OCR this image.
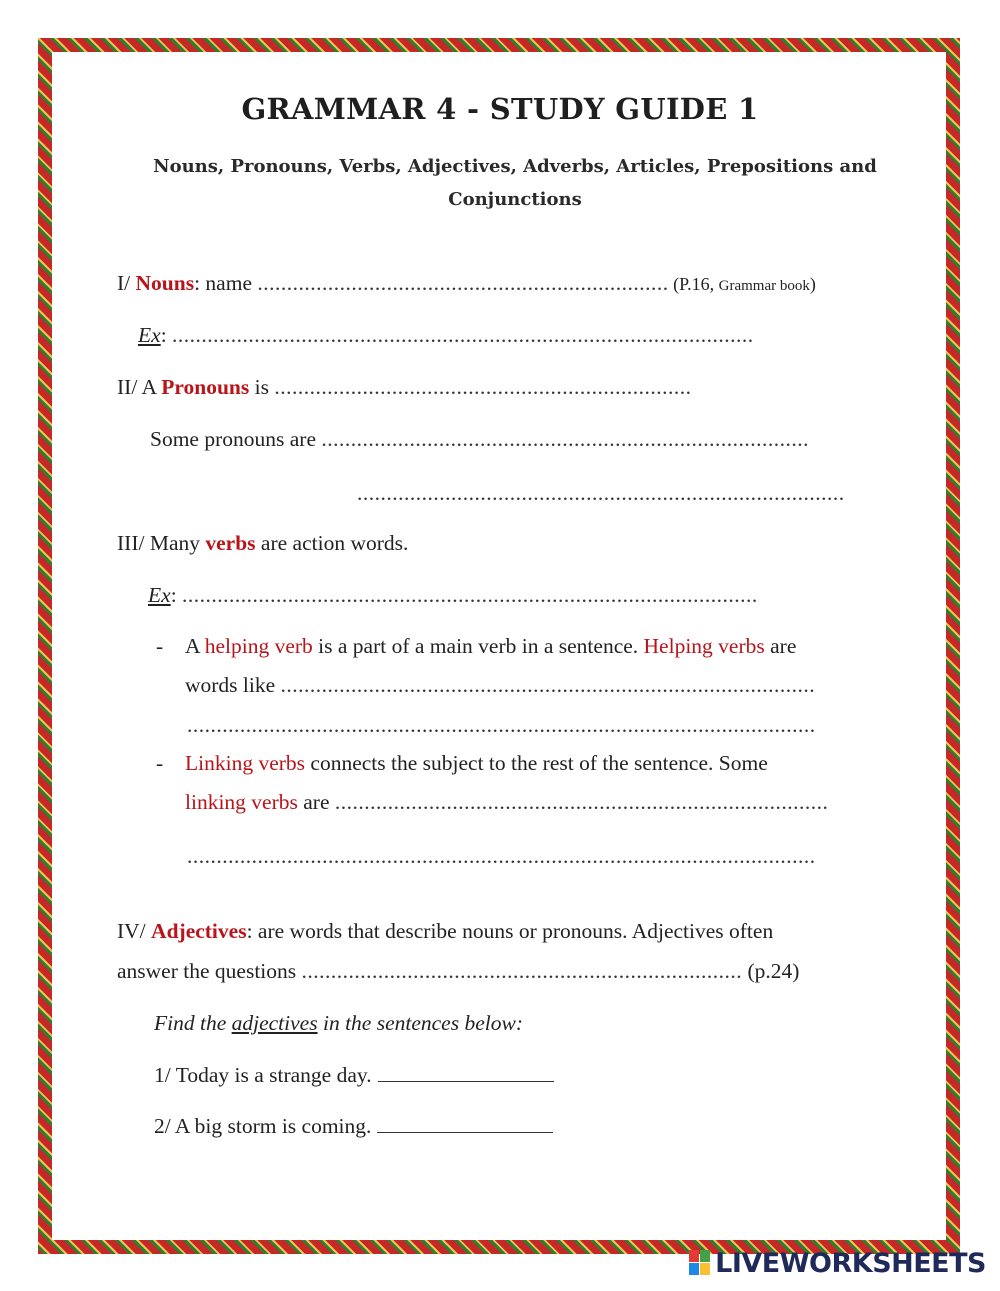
GRAMMAR 4 - STUDY GUIDE 1
Nouns, Pronouns, Verbs, Adjectives, Adverbs, Articles, Prepositions and Conjunctions
I/ Nouns: name ...................................................................... (P.16, Grammar book)
Ex: ...................................................................................................
II/ A Pronouns is .......................................................................
Some pronouns are ...................................................................................
...................................................................................
III/ Many verbs are action words.
Ex: ..................................................................................................
- A helping verb is a part of a main verb in a sentence. Helping verbs are
words like ...........................................................................................
...........................................................................................................
- Linking verbs connects the subject to the rest of the sentence. Some
linking verbs are ....................................................................................
...........................................................................................................
IV/ Adjectives: are words that describe nouns or pronouns. Adjectives often
answer the questions ........................................................................... (p.24)
Find the adjectives in the sentences below:
1/ Today is a strange day.
2/ A big storm is coming.
LIVEWORKSHEETS
